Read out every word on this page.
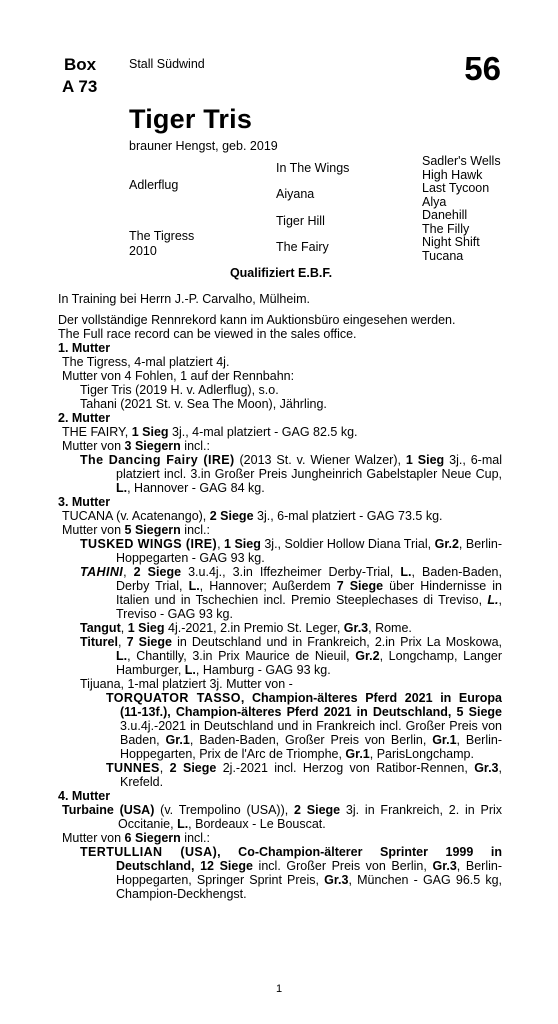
Box
A 73
Stall Südwind	56
Tiger Tris
brauner Hengst, geb. 2019
Adlerflug
The Tigress
2010
In The Wings
Aiyana
Tiger Hill
The Fairy
Sadler's Wells
High Hawk
Last Tycoon
Alya
Danehill
The Filly
Night Shift
Tucana
Qualifiziert E.B.F.

In Training bei Herrn J.-P. Carvalho, Mülheim.

Der vollständige Rennrekord kann im Auktionsbüro eingesehen werden.

The Full race record can be viewed in the sales office.

1. Mutter

The Tigress, 4-mal platziert 4j.

Mutter von 4 Fohlen, 1 auf der Rennbahn:

Tiger Tris (2019 H. v. Adlerflug), s.o.

Tahani (2021 St. v. Sea The Moon), Jährling.

2. Mutter

THE FAIRY, 1 Sieg 3j., 4-mal platziert - GAG 82.5 kg.

Mutter von 3 Siegern incl.:

The Dancing Fairy (IRE) (2013 St. v. Wiener Walzer), 1 Sieg 3j., 6-mal platziert incl. 3.in Großer Preis Jungheinrich Gabelstapler Neue Cup, L., Hannover - GAG 84 kg.

3. Mutter

TUCANA (v. Acatenango), 2 Siege 3j., 6-mal platziert - GAG 73.5 kg.

Mutter von 5 Siegern incl.:

TUSKED WINGS (IRE), 1 Sieg 3j., Soldier Hollow Diana Trial, Gr.2, Berlin-Hoppegarten - GAG 93 kg.

TAHINI, 2 Siege 3.u.4j., 3.in Iffezheimer Derby-Trial, L., Baden-Baden, Derby Trial, L., Hannover; Außerdem 7 Siege über Hindernisse in Italien und in Tschechien incl. Premio Steeplechases di Treviso, L., Treviso - GAG 93 kg.

Tangut, 1 Sieg 4j.-2021, 2.in Premio St. Leger, Gr.3, Rome.

Titurel, 7 Siege in Deutschland und in Frankreich, 2.in Prix La Moskowa, L., Chantilly, 3.in Prix Maurice de Nieuil, Gr.2, Longchamp, Langer Hamburger, L., Hamburg - GAG 93 kg.

Tijuana, 1-mal platziert 3j. Mutter von -

TORQUATOR TASSO, Champion-älteres Pferd 2021 in Europa (11-13f.), Champion-älteres Pferd 2021 in Deutschland, 5 Siege 3.u.4j.-2021 in Deutschland und in Frankreich incl. Großer Preis von Baden, Gr.1, Baden-Baden, Großer Preis von Berlin, Gr.1, Berlin-Hoppegarten, Prix de l'Arc de Triomphe, Gr.1, ParisLongchamp.

TUNNES, 2 Siege 2j.-2021 incl. Herzog von Ratibor-Rennen, Gr.3, Krefeld.

4. Mutter

Turbaine (USA) (v. Trempolino (USA)), 2 Siege 3j. in Frankreich, 2. in Prix Occitanie, L., Bordeaux - Le Bouscat.

Mutter von 6 Siegern incl.:

TERTULLIAN (USA), Co-Champion-älterer Sprinter 1999 in Deutschland, 12 Siege incl. Großer Preis von Berlin, Gr.3, Berlin-Hoppegarten, Springer Sprint Preis, Gr.3, München - GAG 96.5 kg, Champion-Deckhengst.

1
